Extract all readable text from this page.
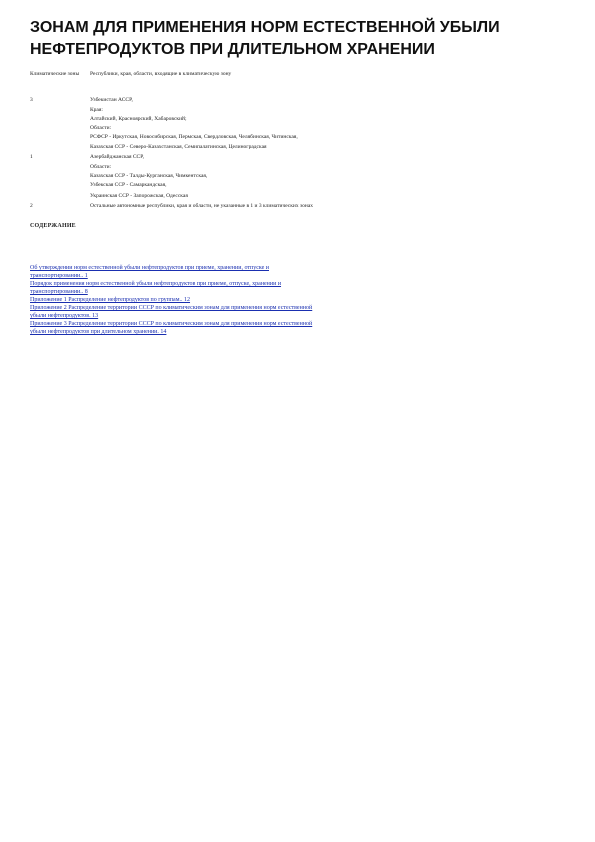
ЗОНАМ ДЛЯ ПРИМЕНЕНИЯ НОРМ ЕСТЕСТВЕННОЙ УБЫЛИ
НЕФТЕПРОДУКТОВ ПРИ ДЛИТЕЛЬНОМ ХРАНЕНИИ
Климатические зоны	Республики, края, области, входящие в климатическую зону
3	Узбекистан АССР,
Края:
Алтайский, Красноярский, Хабаровский;
Области:
РСФСР - Иркутская, Новосибирская, Пермская, Свердловская, Челябинская, Читинская,
Казахская ССР - Северо-Казахстанская, Семипалатинская, Целиноградская
1	Азербайджанская ССР,
Области:
Казахская ССР - Талды-Курганская, Чимкентская,
Узбекская ССР - Самаркандская,
Украинская ССР - Запорожская, Одесская
2	Остальные автономные республики, края и области, не указанные в 1 и 3 климатических зонах
СОДЕРЖАНИЕ
Об утверждении норм естественной убыли нефтепродуктов при приеме, хранении, отпуске и
транспортировании.. 1
Порядок применения норм естественной убыли нефтепродуктов при приеме, отпуске, хранении и
транспортировании.. 8
Приложение 1 Распределение нефтепродуктов по группам.. 12
Приложение 2 Распределение территории СССР по климатическим зонам для применения норм естественной
убыли нефтепродуктов. 13
Приложение 3 Распределение территории СССР по климатическим зонам для применения норм естественной
убыли нефтепродуктов при длительном хранении. 14
